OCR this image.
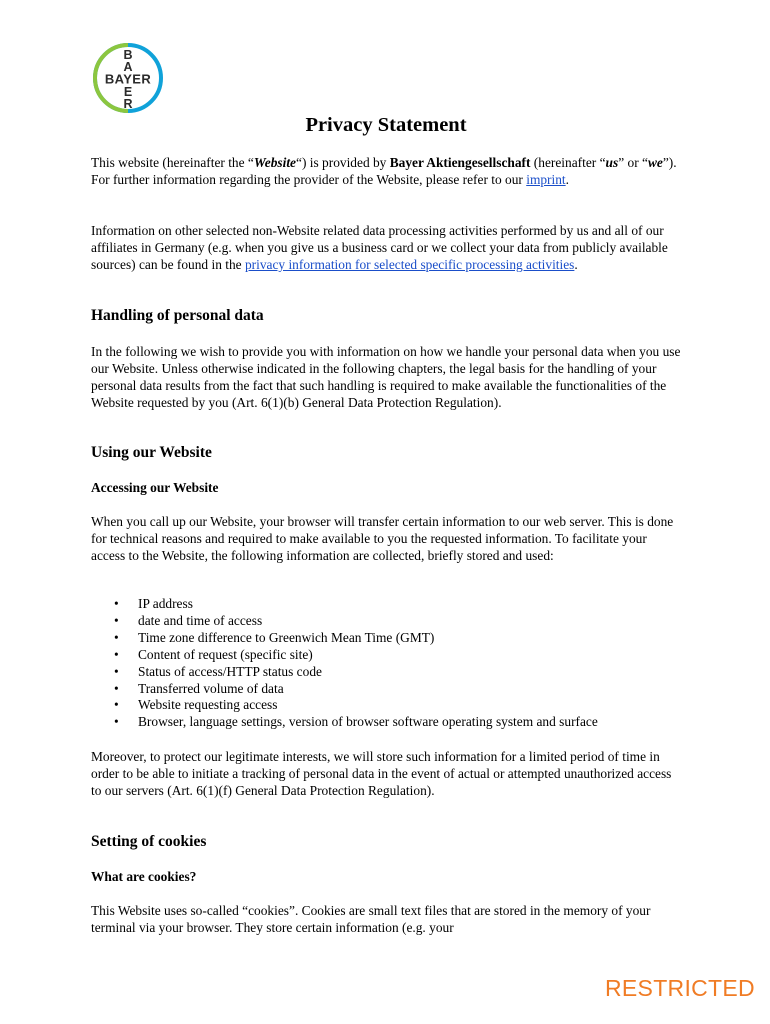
B
A
BAYER
E
R
Privacy Statement

This website (hereinafter the “Website“) is provided by Bayer Aktiengesellschaft (hereinafter “us” or “we”). For further information regarding the provider of the Website, please refer to our imprint.

Information on other selected non-Website related data processing activities performed by us and all of our affiliates in Germany (e.g. when you give us a business card or we collect your data from publicly available sources) can be found in the privacy information for selected specific processing activities.

Handling of personal data

In the following we wish to provide you with information on how we handle your personal data when you use our Website. Unless otherwise indicated in the following chapters, the legal basis for the handling of your personal data results from the fact that such handling is required to make available the functionalities of the Website requested by you (Art. 6(1)(b) General Data Protection Regulation).

Using our Website
Accessing our Website

When you call up our Website, your browser will transfer certain information to our web server. This is done for technical reasons and required to make available to you the requested information. To facilitate your access to the Website, the following information are collected, briefly stored and used:

• IP address
• date and time of access
• Time zone difference to Greenwich Mean Time (GMT)
• Content of request (specific site)
• Status of access/HTTP status code
• Transferred volume of data
• Website requesting access
• Browser, language settings, version of browser software operating system and surface

Moreover, to protect our legitimate interests, we will store such information for a limited period of time in order to be able to initiate a tracking of personal data in the event of actual or attempted unauthorized access to our servers (Art. 6(1)(f) General Data Protection Regulation).

Setting of cookies
What are cookies?

This Website uses so-called “cookies”. Cookies are small text files that are stored in the memory of your terminal via your browser. They store certain information (e.g. your

RESTRICTED
